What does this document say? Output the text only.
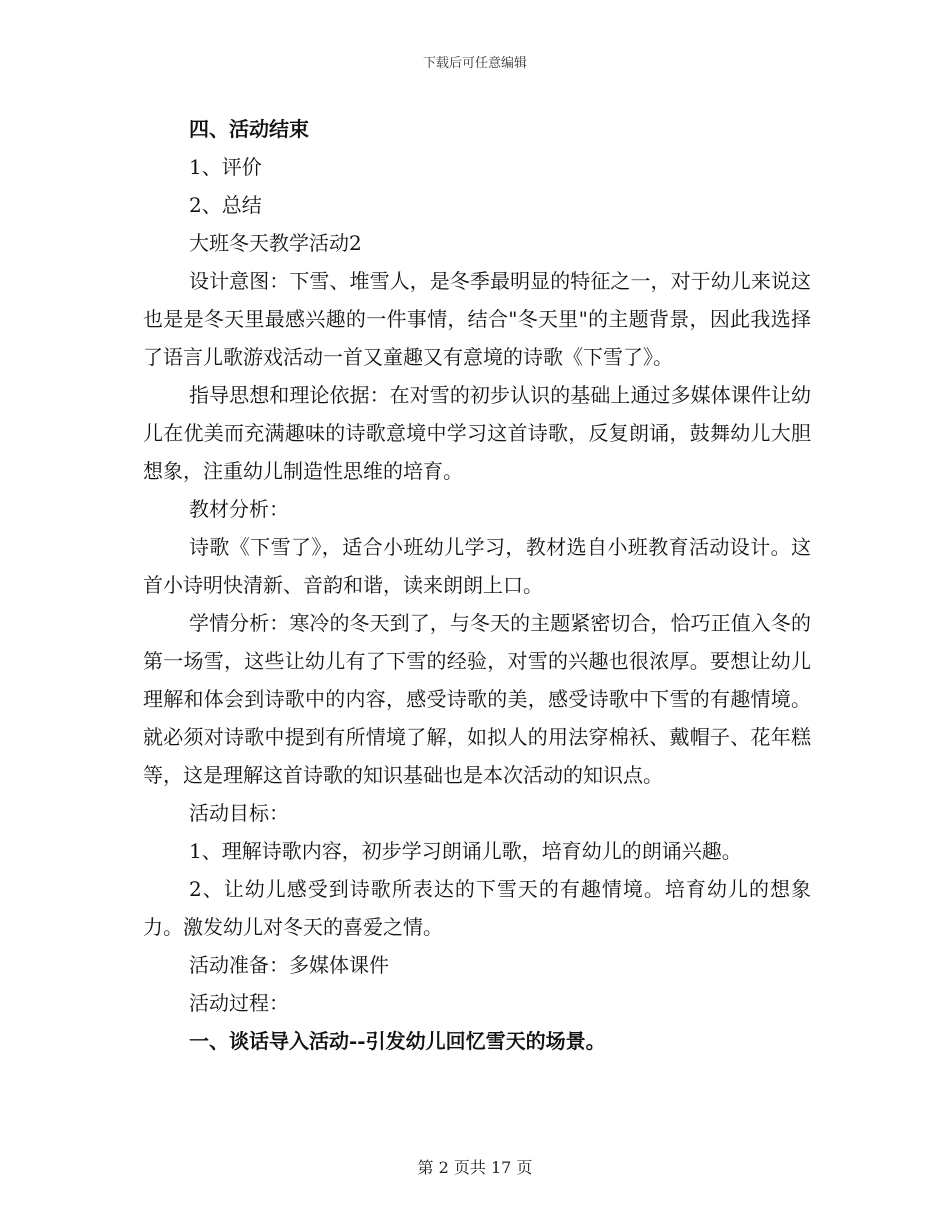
下载后可任意编辑

四、活动结束

1、评价

2、总结

大班冬天教学活动2

设计意图：下雪、堆雪人，是冬季最明显的特征之一，对于幼儿来说这也是是冬天里最感兴趣的一件事情，结合"冬天里"的主题背景，因此我选择了语言儿歌游戏活动一首又童趣又有意境的诗歌《下雪了》。

指导思想和理论依据：在对雪的初步认识的基础上通过多媒体课件让幼儿在优美而充满趣味的诗歌意境中学习这首诗歌，反复朗诵，鼓舞幼儿大胆想象，注重幼儿制造性思维的培育。

教材分析：

诗歌《下雪了》，适合小班幼儿学习，教材选自小班教育活动设计。这首小诗明快清新、音韵和谐，读来朗朗上口。

学情分析：寒冷的冬天到了，与冬天的主题紧密切合，恰巧正值入冬的第一场雪，这些让幼儿有了下雪的经验，对雪的兴趣也很浓厚。要想让幼儿理解和体会到诗歌中的内容，感受诗歌的美，感受诗歌中下雪的有趣情境。就必须对诗歌中提到有所情境了解，如拟人的用法穿棉袄、戴帽子、花年糕等，这是理解这首诗歌的知识基础也是本次活动的知识点。

活动目标：

1、理解诗歌内容，初步学习朗诵儿歌，培育幼儿的朗诵兴趣。

2、让幼儿感受到诗歌所表达的下雪天的有趣情境。培育幼儿的想象力。激发幼儿对冬天的喜爱之情。

活动准备：多媒体课件

活动过程：

一、谈话导入活动--引发幼儿回忆雪天的场景。

第 2 页共 17 页
